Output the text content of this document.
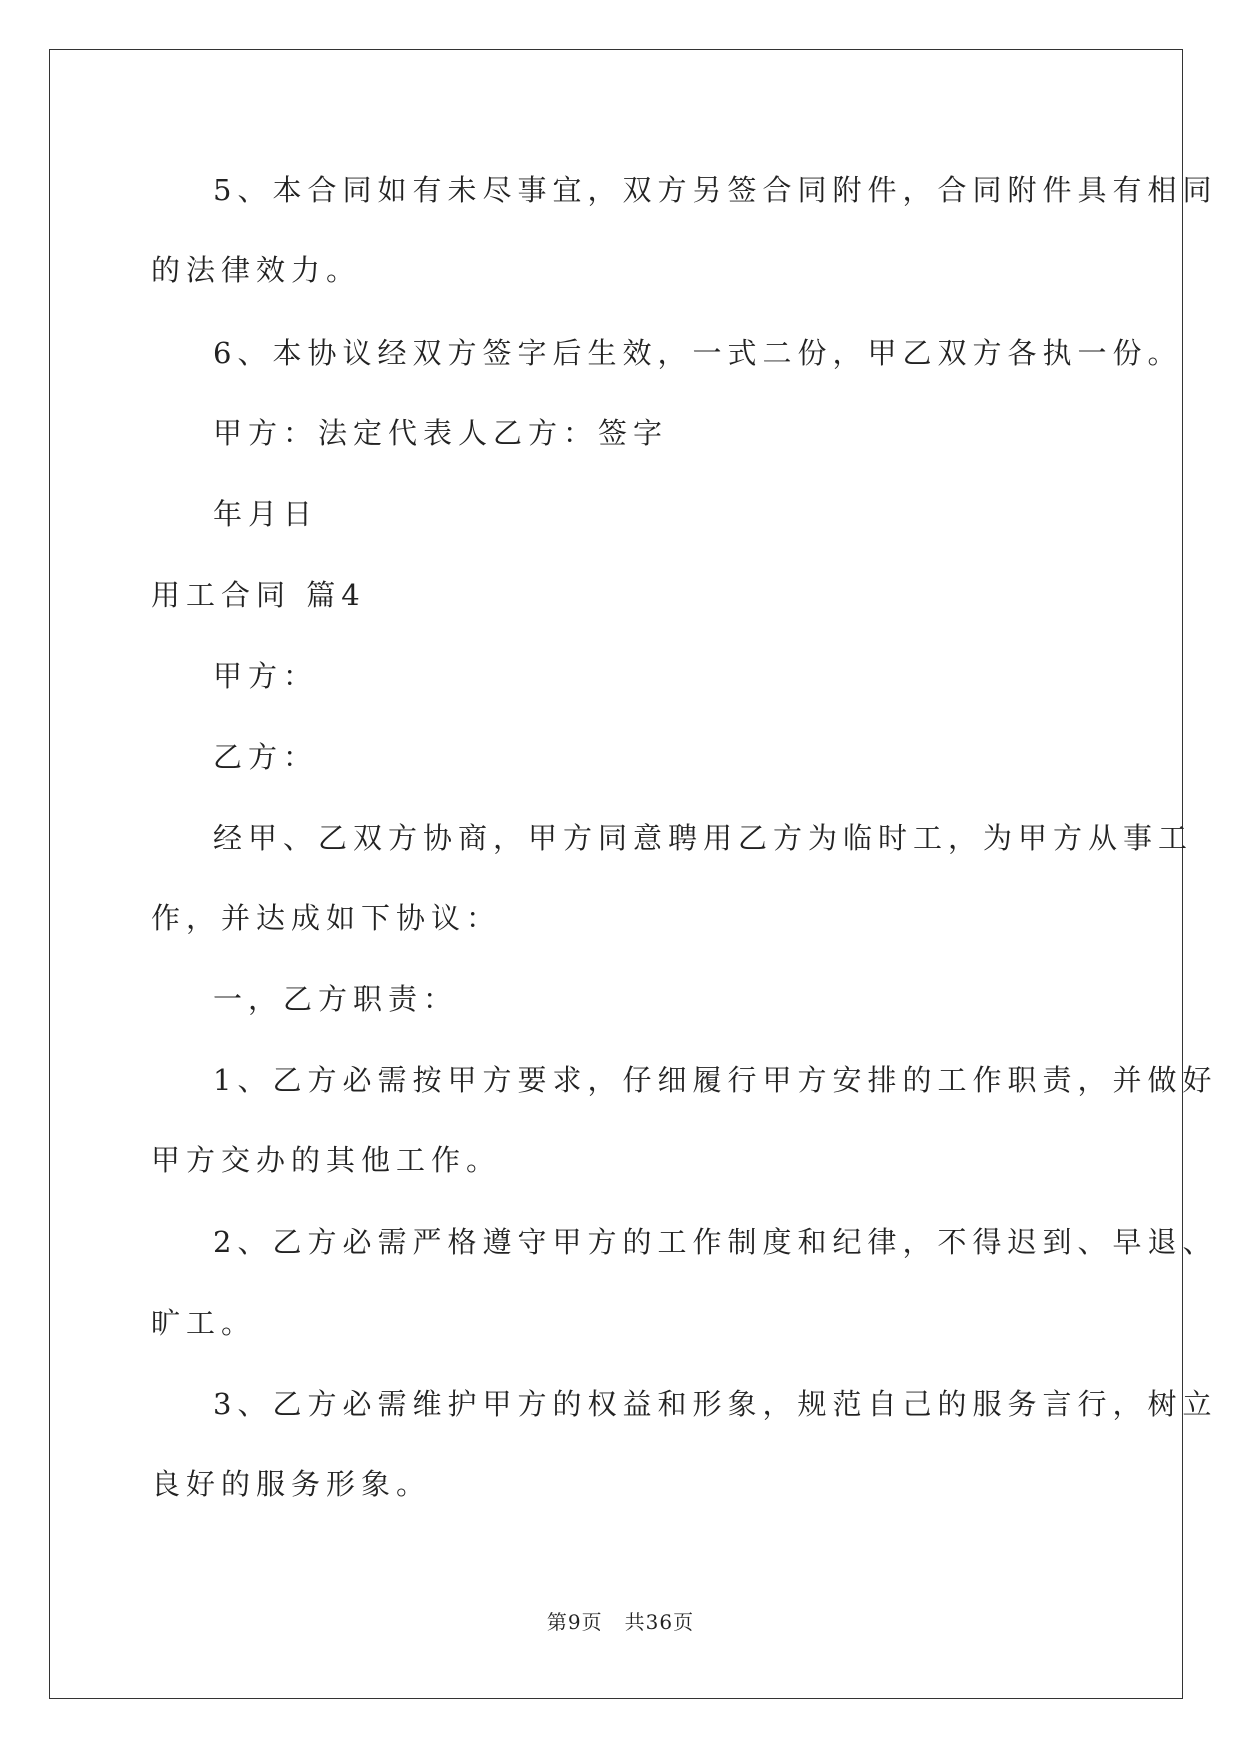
5、本合同如有未尽事宜，双方另签合同附件，合同附件具有相同
的法律效力。
6、本协议经双方签字后生效，一式二份，甲乙双方各执一份。
甲方：法定代表人乙方：签字
年月日
用工合同 篇4
甲方：
乙方：
经甲、乙双方协商，甲方同意聘用乙方为临时工，为甲方从事工
作，并达成如下协议：
一，乙方职责：
1、乙方必需按甲方要求，仔细履行甲方安排的工作职责，并做好
甲方交办的其他工作。
2、乙方必需严格遵守甲方的工作制度和纪律，不得迟到、早退、
旷工。
3、乙方必需维护甲方的权益和形象，规范自己的服务言行，树立
良好的服务形象。
第9页   共36页
